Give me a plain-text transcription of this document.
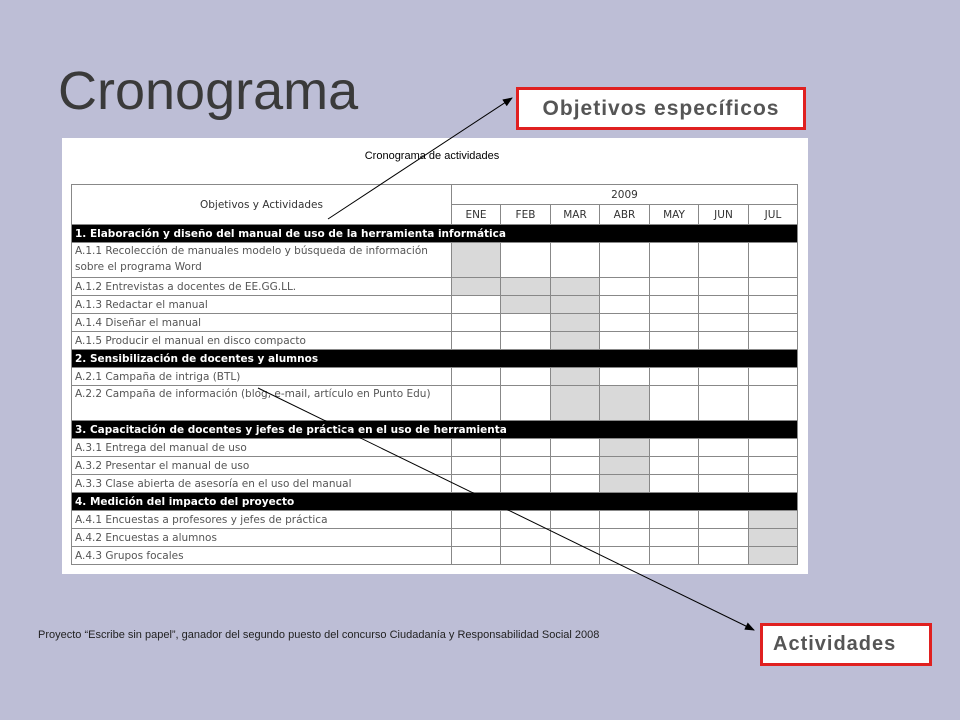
Cronograma	Objetivos específicos
Cronograma de actividades
Objetivos y Actividades	2009						
	ENE	FEB	MAR	ABR	MAY	JUN	JUL
1. Elaboración y diseño del manual de uso de la herramienta informática							
A.1.1 Recolección de manuales modelo y búsqueda de información sobre el programa Word							
A.1.2 Entrevistas a docentes de EE.GG.LL.							
A.1.3 Redactar el manual							
A.1.4 Diseñar el manual							
A.1.5 Producir el manual en disco compacto							
2. Sensibilización de docentes y alumnos							
A.2.1 Campaña de intriga (BTL)							
A.2.2 Campaña de información (blog, e-mail, artículo en Punto Edu)							
3. Capacitación de docentes y jefes de práctica en el uso de herramienta							
A.3.1 Entrega del manual de uso							
A.3.2 Presentar el manual de uso							
A.3.3 Clase abierta de asesoría en el uso del manual							
4. Medición del impacto del proyecto							
A.4.1 Encuestas a profesores y jefes de práctica							
A.4.2 Encuestas a alumnos							
A.4.3 Grupos focales							
Proyecto “Escribe sin papel”, ganador del segundo puesto del concurso Ciudadanía y Responsabilidad Social 2008	Actividades
